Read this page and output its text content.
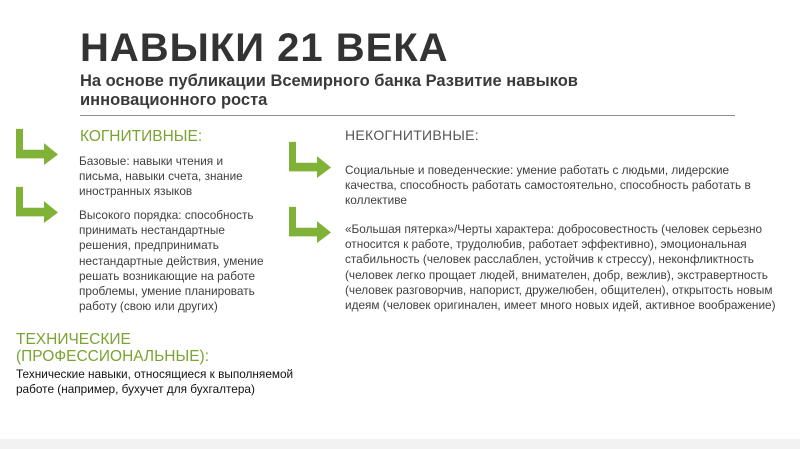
НАВЫКИ 21 ВЕКА
На основе публикации Всемирного банка Развитие навыков инновационного роста
КОГНИТИВНЫЕ:
Базовые: навыки чтения и письма, навыки счета, знание иностранных языков
Высокого порядка: способность принимать нестандартные решения, предпринимать нестандартные действия, умение решать возникающие на работе проблемы, умение планировать работу (свою или других)
ТЕХНИЧЕСКИЕ (ПРОФЕССИОНАЛЬНЫЕ):
Технические навыки, относящиеся к выполняемой работе (например, бухучет для бухгалтера)
НЕКОГНИТИВНЫЕ:
Социальные и поведенческие: умение работать с людьми, лидерские качества, способность работать самостоятельно, способность работать в коллективе
«Большая пятерка»/Черты характера: добросовестность (человек серьезно относится к работе, трудолюбив, работает эффективно), эмоциональная стабильность (человек расслаблен, устойчив к стрессу), неконфликтность (человек легко прощает людей, внимателен, добр, вежлив), экстравертность (человек разговорчив, напорист, дружелюбен, общителен), открытость новым идеям (человек оригинален, имеет много новых идей, активное воображение)
